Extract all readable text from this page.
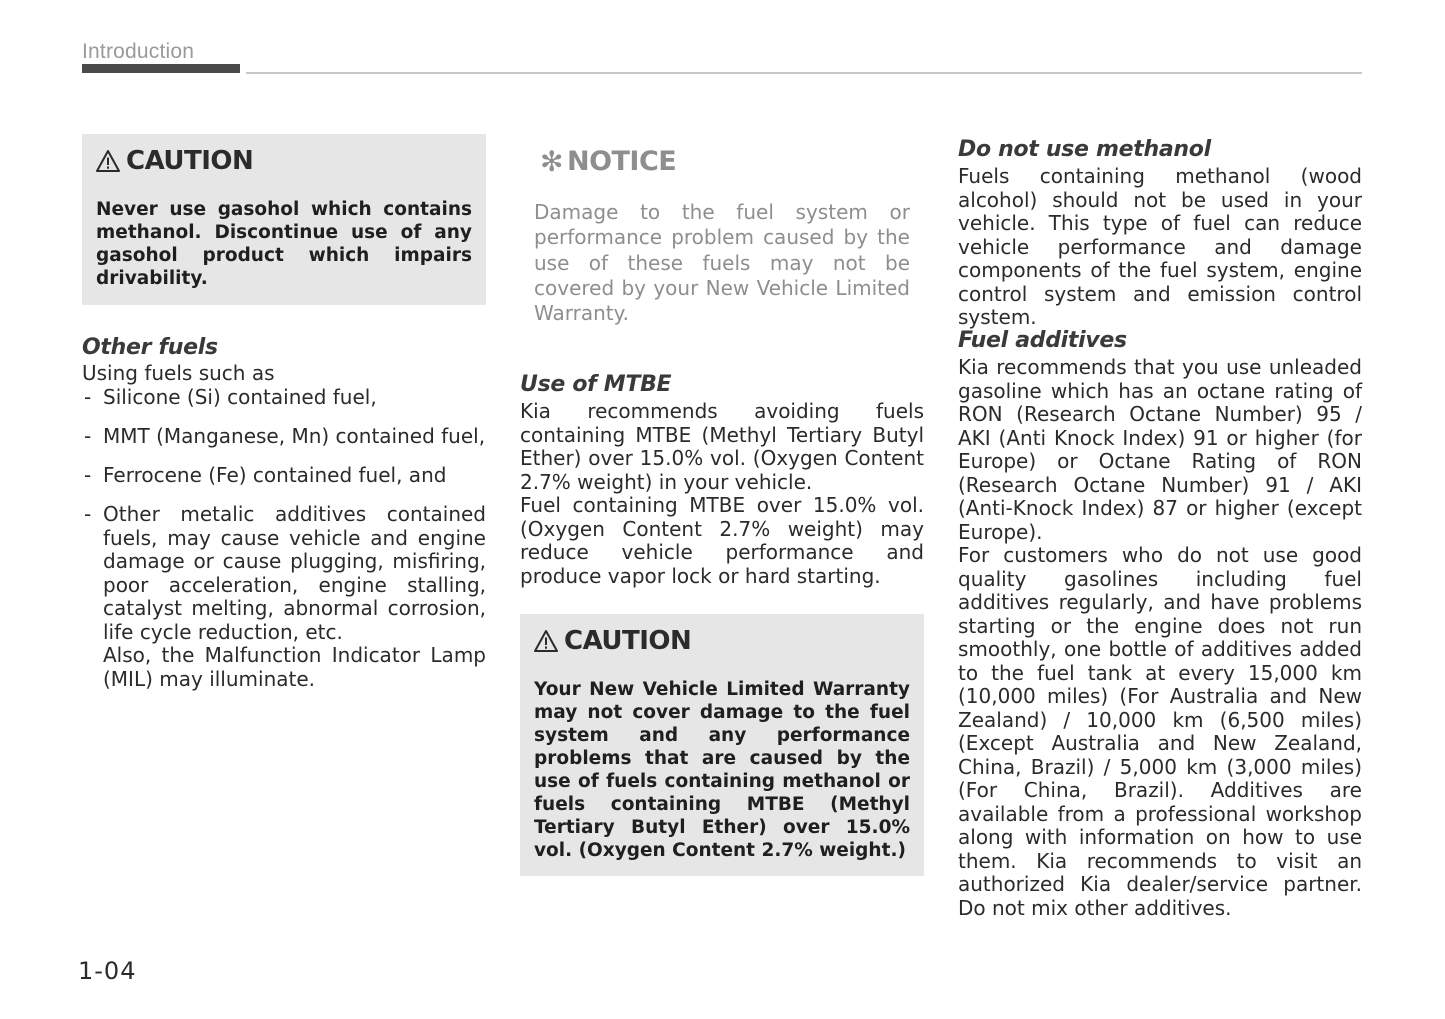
Introduction
CAUTION
Never use gasohol which contains methanol. Discontinue use of any gasohol product which impairs drivability.
Other fuels
Using fuels such as
- Silicone (Si) contained fuel,
- MMT (Manganese, Mn) contained fuel,
- Ferrocene (Fe) contained fuel, and
- Other metalic additives contained fuels, may cause vehicle and engine damage or cause plugging, misfiring, poor acceleration, engine stalling, catalyst melting, abnormal corrosion, life cycle reduction, etc.
Also, the Malfunction Indicator Lamp (MIL) may illuminate.
✻ NOTICE
Damage to the fuel system or performance problem caused by the use of these fuels may not be covered by your New Vehicle Limited Warranty.
Use of MTBE
Kia recommends avoiding fuels containing MTBE (Methyl Tertiary Butyl Ether) over 15.0% vol. (Oxygen Content 2.7% weight) in your vehicle.
Fuel containing MTBE over 15.0% vol. (Oxygen Content 2.7% weight) may reduce vehicle performance and produce vapor lock or hard starting.
CAUTION
Your New Vehicle Limited Warranty may not cover damage to the fuel system and any performance problems that are caused by the use of fuels containing methanol or fuels containing MTBE (Methyl Tertiary Butyl Ether) over 15.0% vol. (Oxygen Content 2.7% weight.)
Do not use methanol
Fuels containing methanol (wood alcohol) should not be used in your vehicle. This type of fuel can reduce vehicle performance and damage components of the fuel system, engine control system and emission control system.
Fuel additives
Kia recommends that you use unleaded gasoline which has an octane rating of RON (Research Octane Number) 95 / AKI (Anti Knock Index) 91 or higher (for Europe) or Octane Rating of RON (Research Octane Number) 91 / AKI (Anti-Knock Index) 87 or higher (except Europe).
For customers who do not use good quality gasolines including fuel additives regularly, and have problems starting or the engine does not run smoothly, one bottle of additives added to the fuel tank at every 15,000 km (10,000 miles) (For Australia and New Zealand) / 10,000 km (6,500 miles) (Except Australia and New Zealand, China, Brazil) / 5,000 km (3,000 miles) (For China, Brazil). Additives are available from a professional workshop along with information on how to use them. Kia recommends to visit an authorized Kia dealer/service partner. Do not mix other additives.
1-04
